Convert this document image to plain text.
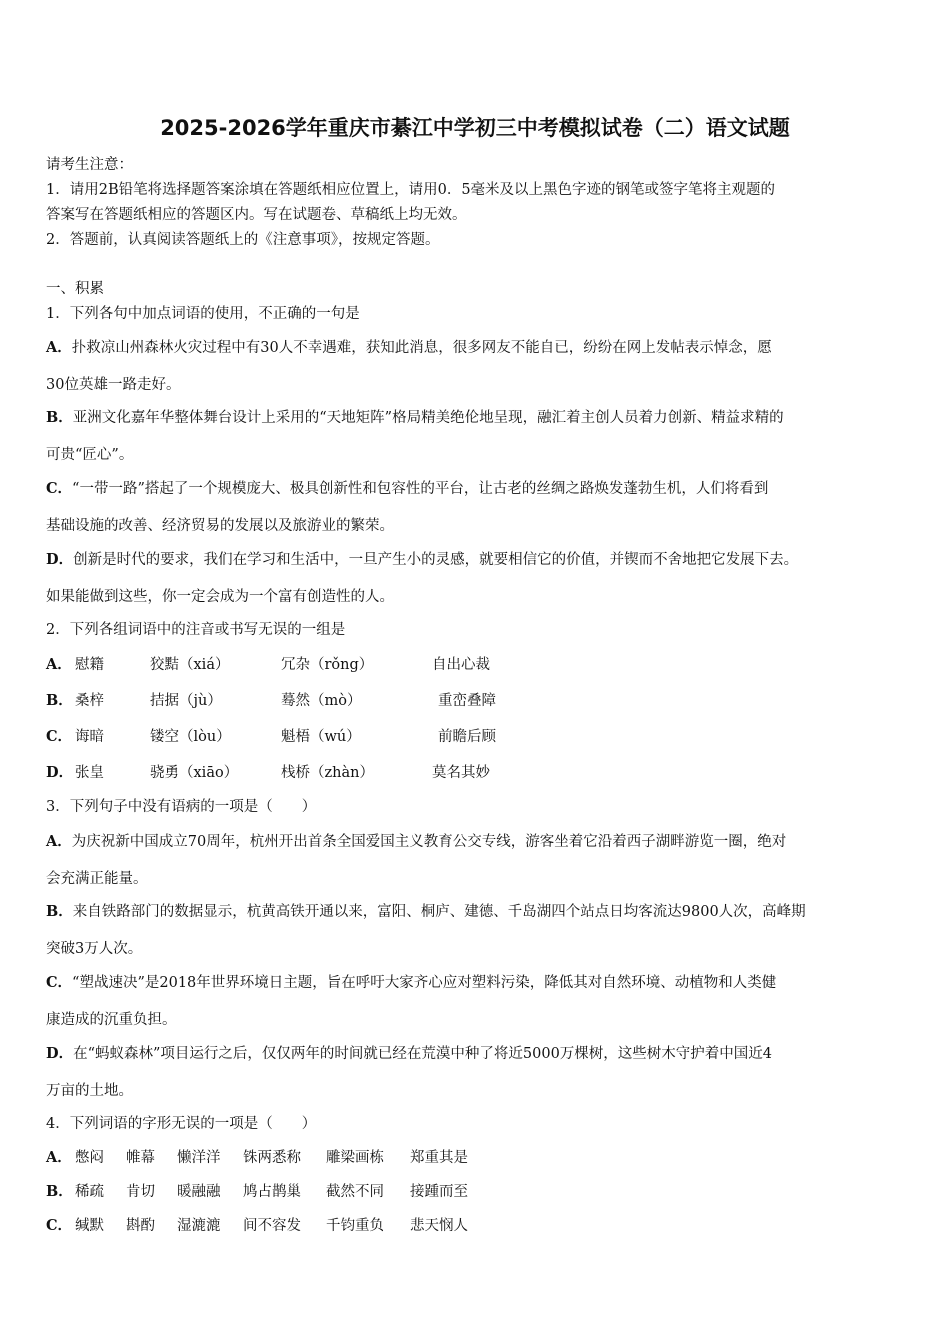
2025-2026学年重庆市綦江中学初三中考模拟试卷（二）语文试题
请考生注意：
1．请用2B铅笔将选择题答案涂填在答题纸相应位置上，请用0．5毫米及以上黑色字迹的钢笔或签字笔将主观题的
答案写在答题纸相应的答题区内。写在试题卷、草稿纸上均无效。
2．答题前，认真阅读答题纸上的《注意事项》，按规定答题。
一、积累
1．下列各句中加点词语的使用，不正确的一句是
A．扑救凉山州森林火灾过程中有30人不幸遇难，获知此消息，很多网友不能自已，纷纷在网上发帖表示悼念，愿
30位英雄一路走好。
B．亚洲文化嘉年华整体舞台设计上采用的“天地矩阵”格局精美绝伦地呈现，融汇着主创人员着力创新、精益求精的
可贵“匠心”。
C．“一带一路”搭起了一个规模庞大、极具创新性和包容性的平台，让古老的丝绸之路焕发蓬勃生机，人们将看到
基础设施的改善、经济贸易的发展以及旅游业的繁荣。
D．创新是时代的要求，我们在学习和生活中，一旦产生小的灵感，就要相信它的价值，并锲而不舍地把它发展下去。
如果能做到这些，你一定会成为一个富有创造性的人。
2．下列各组词语中的注音或书写无误的一组是
A． 慰籍	狡黠（xiá）	冗杂（rǒng）	自出心裁
B． 桑梓	拮据（jù）	蓦然（mò）	重峦叠障
C． 诲暗	镂空（lòu）	魁梧（wú）	前瞻后顾
D． 张皇	骁勇（xiāo）	栈桥（zhàn）	莫名其妙
3．下列句子中没有语病的一项是（　　）
A．为庆祝新中国成立70周年，杭州开出首条全国爱国主义教育公交专线，游客坐着它沿着西子湖畔游览一圈，绝对
会充满正能量。
B．来自铁路部门的数据显示，杭黄高铁开通以来，富阳、桐庐、建德、千岛湖四个站点日均客流达9800人次，高峰期
突破3万人次。
C．“塑战速决”是2018年世界环境日主题，旨在呼吁大家齐心应对塑料污染，降低其对自然环境、动植物和人类健
康造成的沉重负担。
D．在“蚂蚁森林”项目运行之后，仅仅两年的时间就已经在荒漠中种了将近5000万棵树，这些树木守护着中国近4
万亩的土地。
4．下列词语的字形无误的一项是（　　）
A． 憋闷 帷幕 懒洋洋 铢两悉称 雕梁画栋 郑重其是
B． 稀疏 肯切 暖融融 鸠占鹊巢 截然不同 接踵而至
C． 缄默 斟酌 湿漉漉 间不容发 千钧重负 悲天悯人
